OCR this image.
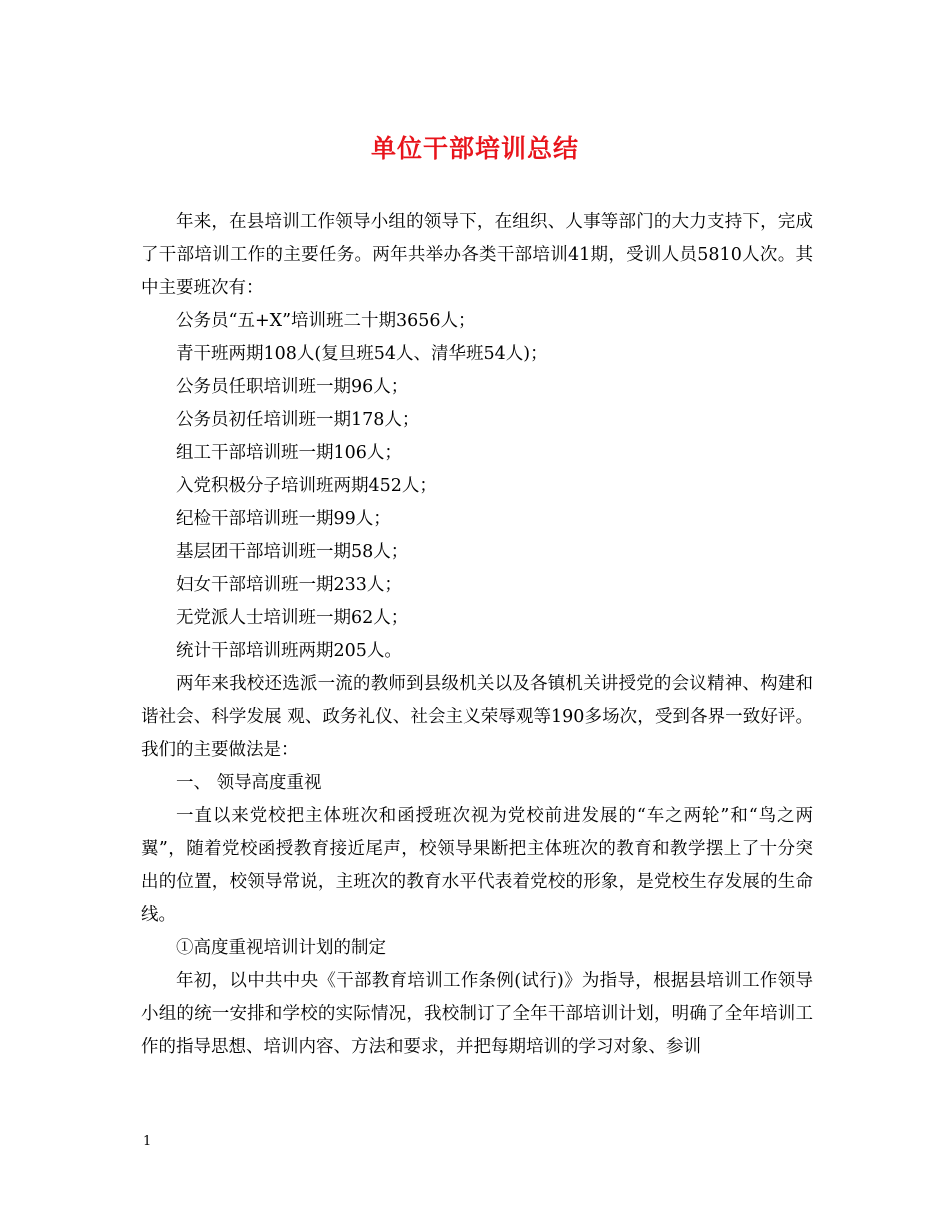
单位干部培训总结

年来，在县培训工作领导小组的领导下，在组织、人事等部门的大力支持下，完成了干部培训工作的主要任务。两年共举办各类干部培训41期，受训人员5810人次。其中主要班次有：

公务员“五+X”培训班二十期3656人；

青干班两期108人(复旦班54人、清华班54人)；

公务员任职培训班一期96人；

公务员初任培训班一期178人；

组工干部培训班一期106人；

入党积极分子培训班两期452人；

纪检干部培训班一期99人；

基层团干部培训班一期58人；

妇女干部培训班一期233人；

无党派人士培训班一期62人；

统计干部培训班两期205人。

两年来我校还选派一流的教师到县级机关以及各镇机关讲授党的会议精神、构建和谐社会、科学发展 观、政务礼仪、社会主义荣辱观等190多场次，受到各界一致好评。我们的主要做法是：

一、 领导高度重视

一直以来党校把主体班次和函授班次视为党校前进发展的“车之两轮”和“鸟之两翼”，随着党校函授教育接近尾声，校领导果断把主体班次的教育和教学摆上了十分突出的位置，校领导常说，主班次的教育水平代表着党校的形象，是党校生存发展的生命线。

①高度重视培训计划的制定

年初，以中共中央《干部教育培训工作条例(试行)》为指导，根据县培训工作领导小组的统一安排和学校的实际情况，我校制订了全年干部培训计划，明确了全年培训工作的指导思想、培训内容、方法和要求，并把每期培训的学习对象、参训

1
